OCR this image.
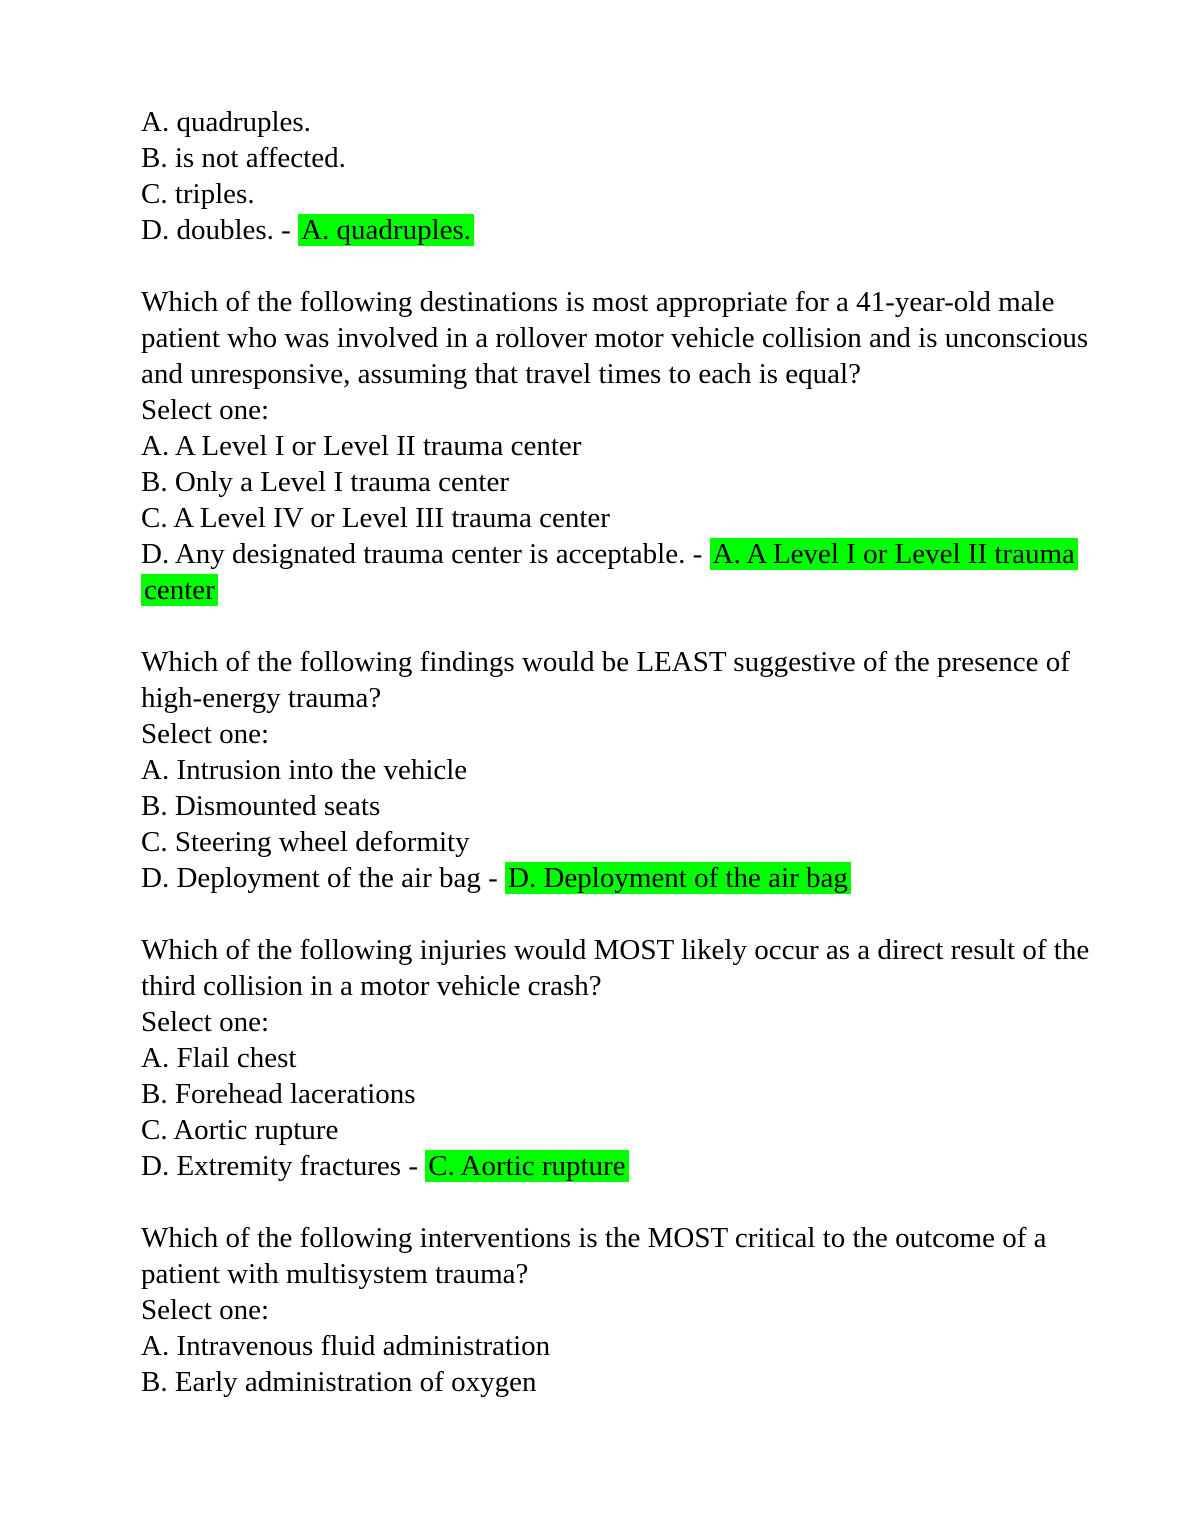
A. quadruples.
B. is not affected.
C. triples.
D. doubles. - A. quadruples.
Which of the following destinations is most appropriate for a 41-year-old male
patient who was involved in a rollover motor vehicle collision and is unconscious
and unresponsive, assuming that travel times to each is equal?
Select one:
A. A Level I or Level II trauma center
B. Only a Level I trauma center
C. A Level IV or Level III trauma center
D. Any designated trauma center is acceptable. - A. A Level I or Level II trauma
center
Which of the following findings would be LEAST suggestive of the presence of
high-energy trauma?
Select one:
A. Intrusion into the vehicle
B. Dismounted seats
C. Steering wheel deformity
D. Deployment of the air bag - D. Deployment of the air bag
Which of the following injuries would MOST likely occur as a direct result of the
third collision in a motor vehicle crash?
Select one:
A. Flail chest
B. Forehead lacerations
C. Aortic rupture
D. Extremity fractures - C. Aortic rupture
Which of the following interventions is the MOST critical to the outcome of a
patient with multisystem trauma?
Select one:
A. Intravenous fluid administration
B. Early administration of oxygen
